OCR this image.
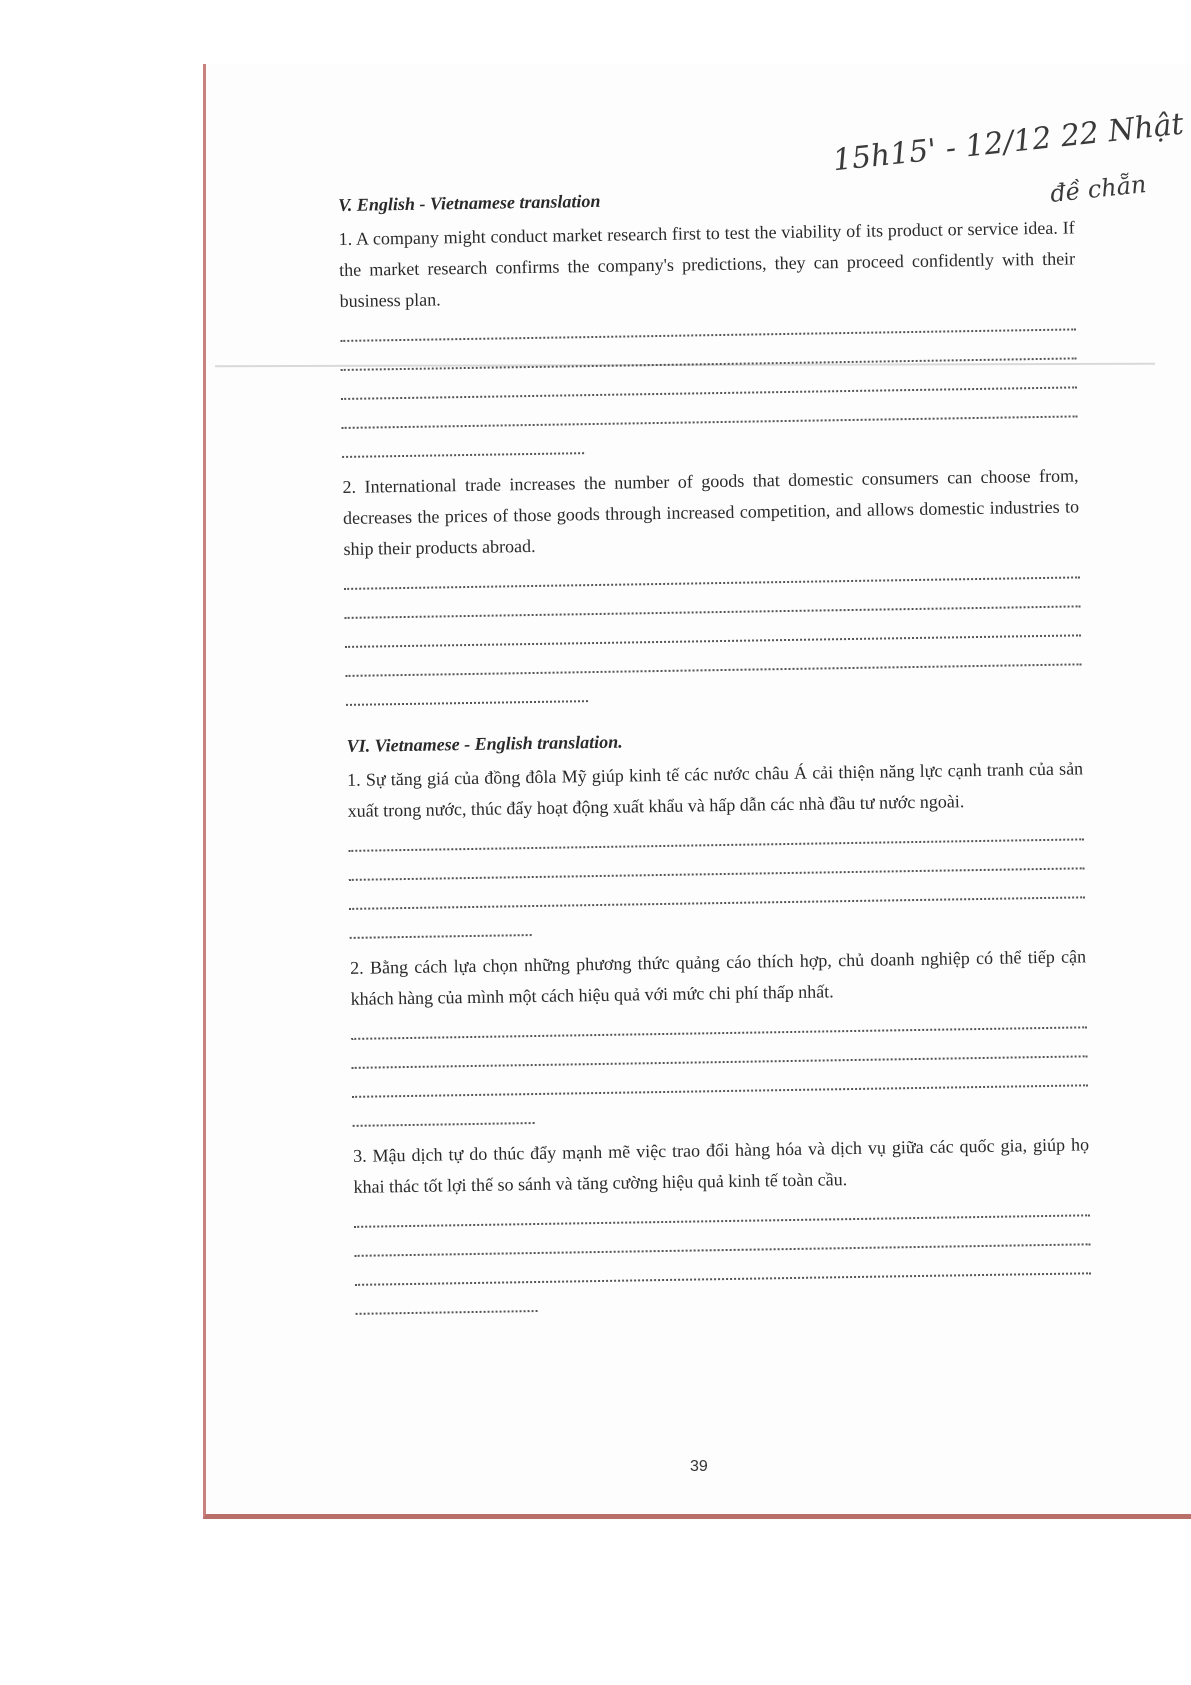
15h15' - 12/12 22 Nhật
đề chẵn
V. English - Vietnamese translation

1. A company might conduct market research first to test the viability of its product or service idea. If the market research confirms the company's predictions, they can proceed confidently with their business plan.

2. International trade increases the number of goods that domestic consumers can choose from, decreases the prices of those goods through increased competition, and allows domestic industries to ship their products abroad.

VI. Vietnamese - English translation.

1. Sự tăng giá của đồng đôla Mỹ giúp kinh tế các nước châu Á cải thiện năng lực cạnh tranh của sản xuất trong nước, thúc đẩy hoạt động xuất khẩu và hấp dẫn các nhà đầu tư nước ngoài.

2. Bằng cách lựa chọn những phương thức quảng cáo thích hợp, chủ doanh nghiệp có thể tiếp cận khách hàng của mình một cách hiệu quả với mức chi phí thấp nhất.

3. Mậu dịch tự do thúc đẩy mạnh mẽ việc trao đổi hàng hóa và dịch vụ giữa các quốc gia, giúp họ khai thác tốt lợi thế so sánh và tăng cường hiệu quả kinh tế toàn cầu.

39
